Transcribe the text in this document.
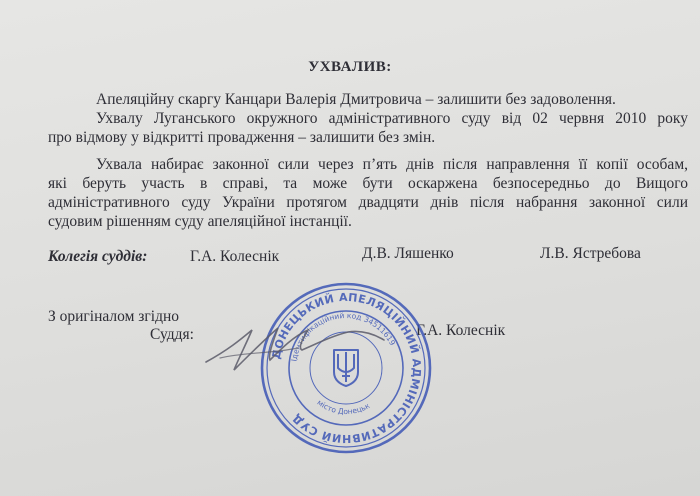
УХВАЛИВ:
Апеляційну скаргу Канцари Валерія Дмитровича – залишити без задоволення.
Ухвалу Луганського окружного адміністративного суду від 02 червня 2010 року
про відмову у відкритті провадження – залишити без змін.
Ухвала набирає законної сили через п’ять днів після направлення її копії особам,
які беруть участь в справі, та може бути оскаржена безпосередньо до Вищого
адміністративного суду України протягом двадцяти днів після набрання законної сили
судовим рішенням суду апеляційної інстанції.
Колегія суддів:	Г.А. Колеснік	Д.В. Ляшенко	Л.В. Ястребова
З оригіналом згідно
Суддя:	Г.А. Колеснік
ДОНЕЦЬКИЙ АПЕЛЯЦІЙНИЙ АДМІНІСТРАТИВНИЙ СУД
Ідентифікаційний код 34511619
місто Донецьк
